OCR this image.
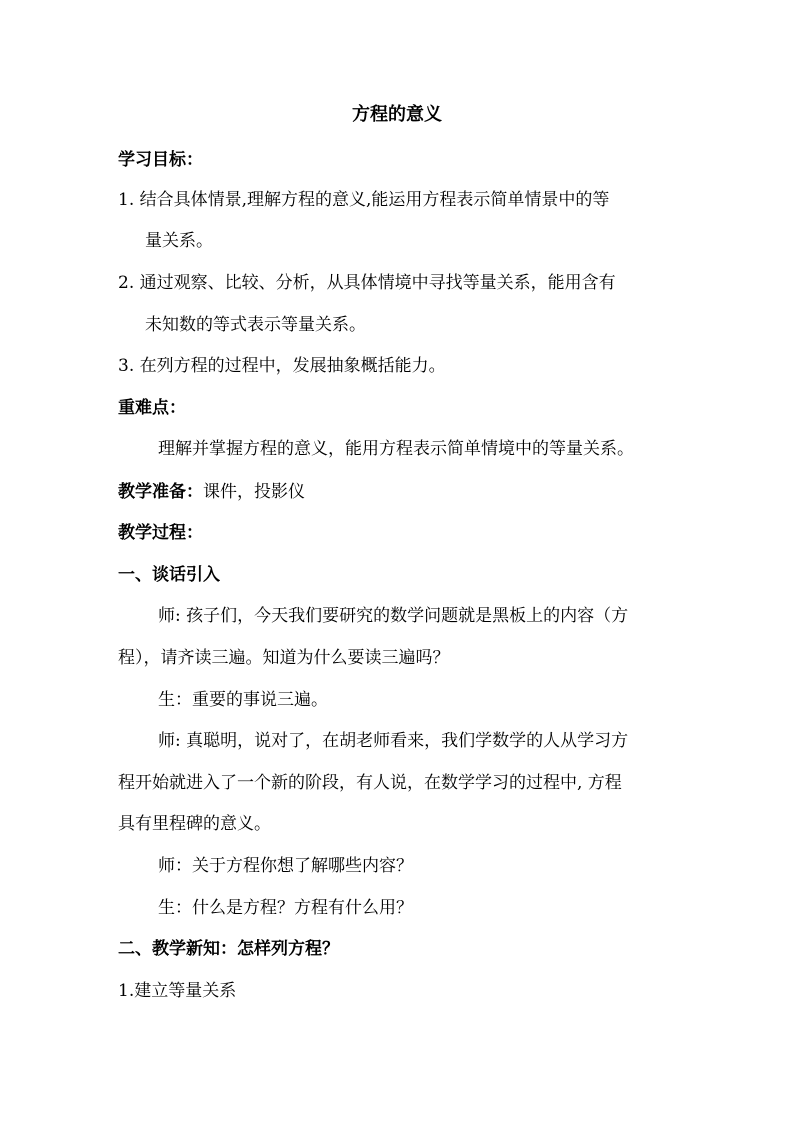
方程的意义
学习目标：
1. 结合具体情景,理解方程的意义,能运用方程表示简单情景中的等
量关系。
2. 通过观察、比较、分析，从具体情境中寻找等量关系，能用含有
未知数的等式表示等量关系。
3. 在列方程的过程中，发展抽象概括能力。
重难点：
理解并掌握方程的意义，能用方程表示简单情境中的等量关系。
教学准备：课件，投影仪
教学过程：
一、谈话引入
师: 孩子们，今天我们要研究的数学问题就是黑板上的内容（方
程），请齐读三遍。知道为什么要读三遍吗？
生：重要的事说三遍。
师: 真聪明，说对了，在胡老师看来，我们学数学的人从学习方
程开始就进入了一个新的阶段，有人说，在数学学习的过程中, 方程
具有里程碑的意义。
师：关于方程你想了解哪些内容？
生：什么是方程？方程有什么用？
二、教学新知：怎样列方程？
1.建立等量关系
